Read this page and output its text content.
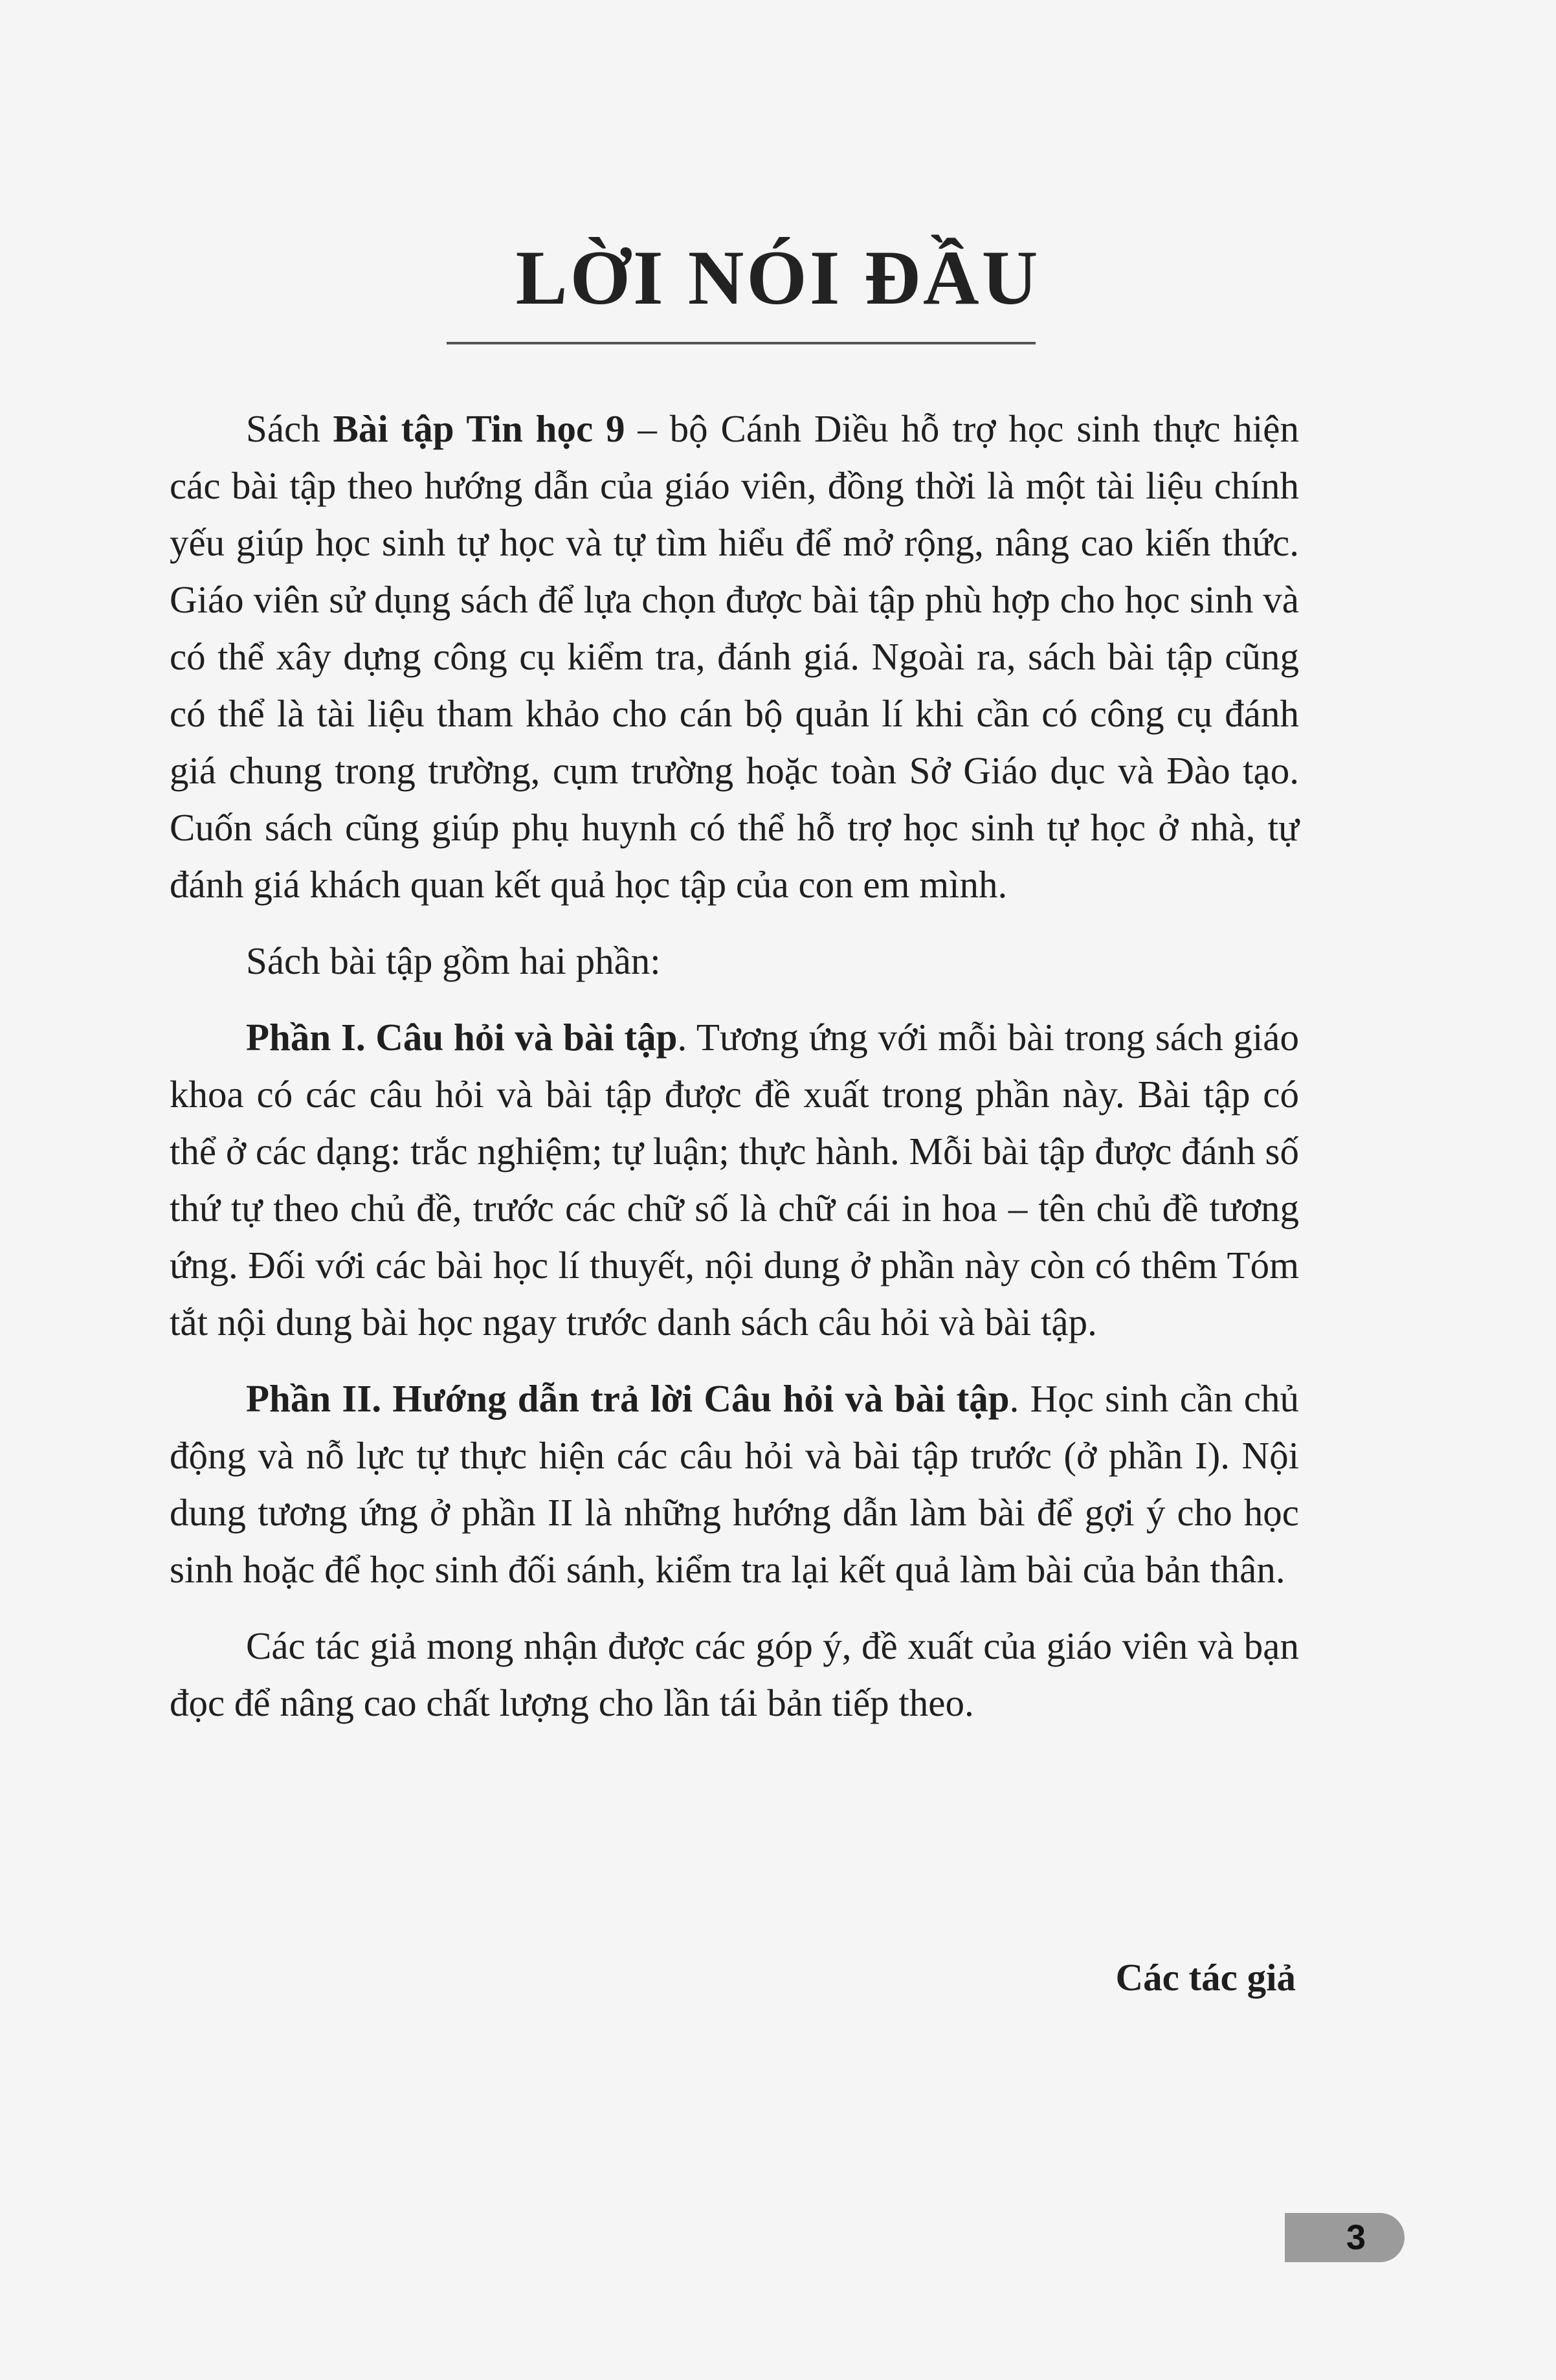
LỜI NÓI ĐẦU

Sách Bài tập Tin học 9 – bộ Cánh Diều hỗ trợ học sinh thực hiện các bài tập theo hướng dẫn của giáo viên, đồng thời là một tài liệu chính yếu giúp học sinh tự học và tự tìm hiểu để mở rộng, nâng cao kiến thức. Giáo viên sử dụng sách để lựa chọn được bài tập phù hợp cho học sinh và có thể xây dựng công cụ kiểm tra, đánh giá. Ngoài ra, sách bài tập cũng có thể là tài liệu tham khảo cho cán bộ quản lí khi cần có công cụ đánh giá chung trong trường, cụm trường hoặc toàn Sở Giáo dục và Đào tạo. Cuốn sách cũng giúp phụ huynh có thể hỗ trợ học sinh tự học ở nhà, tự đánh giá khách quan kết quả học tập của con em mình.

Sách bài tập gồm hai phần:

Phần I. Câu hỏi và bài tập. Tương ứng với mỗi bài trong sách giáo khoa có các câu hỏi và bài tập được đề xuất trong phần này. Bài tập có thể ở các dạng: trắc nghiệm; tự luận; thực hành. Mỗi bài tập được đánh số thứ tự theo chủ đề, trước các chữ số là chữ cái in hoa – tên chủ đề tương ứng. Đối với các bài học lí thuyết, nội dung ở phần này còn có thêm Tóm tắt nội dung bài học ngay trước danh sách câu hỏi và bài tập.

Phần II. Hướng dẫn trả lời Câu hỏi và bài tập. Học sinh cần chủ động và nỗ lực tự thực hiện các câu hỏi và bài tập trước (ở phần I). Nội dung tương ứng ở phần II là những hướng dẫn làm bài để gợi ý cho học sinh hoặc để học sinh đối sánh, kiểm tra lại kết quả làm bài của bản thân.

Các tác giả mong nhận được các góp ý, đề xuất của giáo viên và bạn đọc để nâng cao chất lượng cho lần tái bản tiếp theo.

Các tác giả

3
